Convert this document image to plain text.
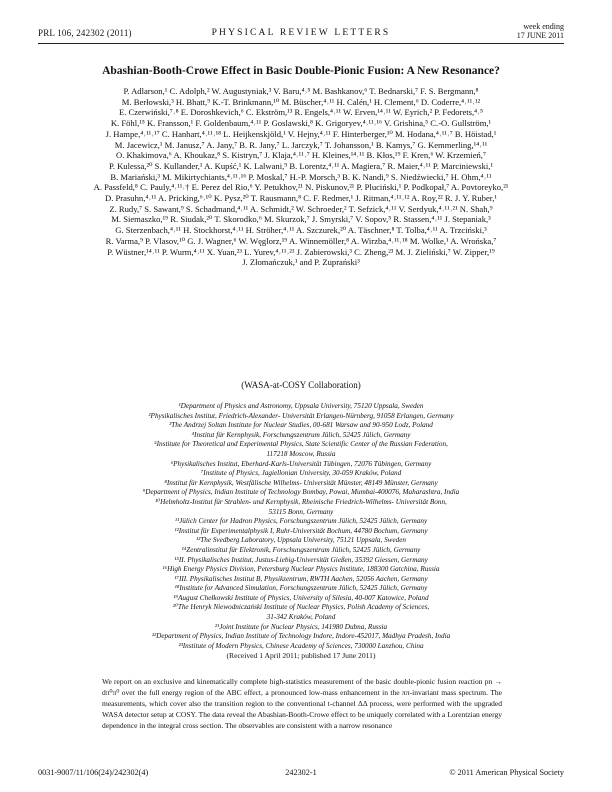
PRL 106, 242302 (2011)	PHYSICAL REVIEW LETTERS
week ending
17 JUNE 2011
Abashian-Booth-Crowe Effect in Basic Double-Pionic Fusion: A New Resonance?

P. Adlarson,¹ C. Adolph,² W. Augustyniak,³ V. Baru,⁴˒⁵ M. Bashkanov,⁶ T. Bednarski,⁷ F. S. Bergmann,⁸

M. Berłowski,³ H. Bhatt,⁹ K.-T. Brinkmann,¹⁰ M. Büscher,⁴˒¹¹ H. Calén,¹ H. Clement,⁶ D. Coderre,⁴˒¹¹˒¹²

E. Czerwiński,⁷˒⁸ E. Doroshkevich,⁶ C. Ekström,¹³ R. Engels,⁴˒¹¹ W. Erven,¹⁴˒¹¹ W. Eyrich,² P. Fedorets,⁴˒⁵

K. Föhl,¹⁵ K. Fransson,¹ F. Goldenbaum,⁴˒¹¹ P. Goslawski,⁸ K. Grigoryev,⁴˒¹¹˒¹⁶ V. Grishina,⁵ C.-O. Gullström,¹

J. Hampe,⁴˒¹¹˒¹⁷ C. Hanhart,⁴˒¹¹˒¹⁸ L. Heijkenskjöld,¹ V. Hejny,⁴˒¹¹ F. Hinterberger,¹⁰ M. Hodana,⁴˒¹¹˒⁷ B. Höistad,¹

M. Jacewicz,¹ M. Janusz,⁷ A. Jany,⁷ B. R. Jany,⁷ L. Jarczyk,⁷ T. Johansson,¹ B. Kamys,⁷ G. Kemmerling,¹⁴˒¹¹

O. Khakimova,⁶ A. Khoukaz,⁸ S. Kistryn,⁷ J. Klaja,⁴˒¹¹˒⁷ H. Kleines,¹⁴˒¹¹ B. Kłos,¹⁹ F. Kren,⁶ W. Krzemień,⁷

P. Kulessa,²⁰ S. Kullander,¹ A. Kupść,¹ K. Lalwani,⁹ B. Lorentz,⁴˒¹¹ A. Magiera,⁷ R. Maier,⁴˒¹¹ P. Marciniewski,¹

B. Mariański,³ M. Mikirtychiants,⁴˒¹¹˒¹⁶ P. Moskal,⁷ H.-P. Morsch,³ B. K. Nandi,⁹ S. Niedźwiecki,⁷ H. Ohm,⁴˒¹¹

A. Passfeld,⁸ C. Pauly,⁴˒¹¹˒† E. Perez del Rio,⁶ Y. Petukhov,²¹ N. Piskunov,²¹ P. Pluciński,¹ P. Podkopał,⁷ A. Povtoreyko,²¹

D. Prasuhn,⁴˒¹¹ A. Pricking,⁶˒¹⁰ K. Pysz,²⁰ T. Rausmann,⁸ C. F. Redmer,¹ J. Ritman,⁴˒¹¹˒¹² A. Roy,²² R. J. Y. Ruber,¹

Z. Rudy,⁷ S. Sawant,⁹ S. Schadmand,⁴˒¹¹ A. Schmidt,² W. Schroeder,² T. Sefzick,⁴˒¹¹ V. Serdyuk,⁴˒¹¹˒²¹ N. Shah,⁹

M. Siemaszko,¹⁹ R. Siudak,²⁰ T. Skorodko,⁶ M. Skurzok,⁷ J. Smyrski,⁷ V. Sopov,⁵ R. Stassen,⁴˒¹¹ J. Stepaniak,³

G. Sterzenbach,⁴˒¹¹ H. Stockhorst,⁴˒¹¹ H. Ströher,⁴˒¹¹ A. Szczurek,²⁰ A. Täschner,⁸ T. Tolba,⁴˒¹¹ A. Trzciński,³

R. Varma,⁹ P. Vlasov,¹⁰ G. J. Wagner,⁶ W. Węglorz,¹⁹ A. Winnemöller,⁸ A. Wirzba,⁴˒¹¹˒¹⁸ M. Wolke,¹ A. Wrońska,⁷

P. Wüstner,¹⁴˒¹¹ P. Wurm,⁴˒¹¹ X. Yuan,²³ L. Yurev,⁴˒¹¹˒²¹ J. Zabierowski,³ C. Zheng,²³ M. J. Zieliński,⁷ W. Zipper,¹⁹

J. Złomańczuk,¹ and P. Zuprański³

(WASA-at-COSY Collaboration)

¹Department of Physics and Astronomy, Uppsala University, 75120 Uppsala, Sweden

²Physikalisches Institut, Friedrich-Alexander- Universität Erlangen-Nürnberg, 91058 Erlangen, Germany

³The Andrzej Soltan Institute for Nuclear Studies, 00-681 Warsaw and 90-950 Lodz, Poland

⁴Institut für Kernphysik, Forschungszentrum Jülich, 52425 Jülich, Germany

⁵Institute for Theoretical and Experimental Physics, State Scientific Center of the Russian Federation,

117218 Moscow, Russia

⁶Physikalisches Institut, Eberhard-Karls-Universität Tübingen, 72076 Tübingen, Germany

⁷Institute of Physics, Jagiellonian University, 30-059 Kraków, Poland

⁸Institut für Kernphysik, Westfälische Wilhelms- Universität Münster, 48149 Münster, Germany

⁹Department of Physics, Indian Institute of Technology Bombay, Powai, Mumbai-400076, Maharashtra, India

¹⁰Helmholtz-Institut für Strahlen- und Kernphysik, Rheinische Friedrich-Wilhelms- Universität Bonn,

53115 Bonn, Germany

¹¹Jülich Center for Hadron Physics, Forschungszentrum Jülich, 52425 Jülich, Germany

¹²Institut für Experimentalphysik I, Ruhr-Universität Bochum, 44780 Bochum, Germany

¹³The Svedberg Laboratory, Uppsala University, 75121 Uppsala, Sweden

¹⁴Zentralinstitut für Elektronik, Forschungszentrum Jülich, 52425 Jülich, Germany

¹⁵II. Physikalisches Institut, Justus-Liebig-Universität Gießen, 35392 Giessen, Germany

¹⁶High Energy Physics Division, Petersburg Nuclear Physics Institute, 188300 Gatchina, Russia

¹⁷III. Physikalisches Institut B, Physikzentrum, RWTH Aachen, 52056 Aachen, Germany

¹⁸Institute for Advanced Simulation, Forschungszentrum Jülich, 52425 Jülich, Germany

¹⁹August Chełkowski Institute of Physics, University of Silesia, 40-007 Katowice, Poland

²⁰The Henryk Niewodniczański Institute of Nuclear Physics, Polish Academy of Sciences,

31-342 Kraków, Poland

²¹Joint Institute for Nuclear Physics, 141980 Dubna, Russia

²²Department of Physics, Indian Institute of Technology Indore, Indore-452017, Madhya Pradesh, India

²³Institute of Modern Physics, Chinese Academy of Sciences, 730000 Lanzhou, China

(Received 1 April 2011; published 17 June 2011)

We report on an exclusive and kinematically complete high-statistics measurement of the basic double-pionic fusion reaction pn → dπ⁰π⁰ over the full energy region of the ABC effect, a pronounced low-mass enhancement in the ππ-invariant mass spectrum. The measurements, which cover also the transition region to the conventional t-channel ΔΔ process, were performed with the upgraded WASA detector setup at COSY. The data reveal the Abashian-Booth-Crowe effect to be uniquely correlated with a Lorentzian energy dependence in the integral cross section. The observables are consistent with a narrow resonance

0031-9007/11/106(24)/242302(4)	242302-1	© 2011 American Physical Society
